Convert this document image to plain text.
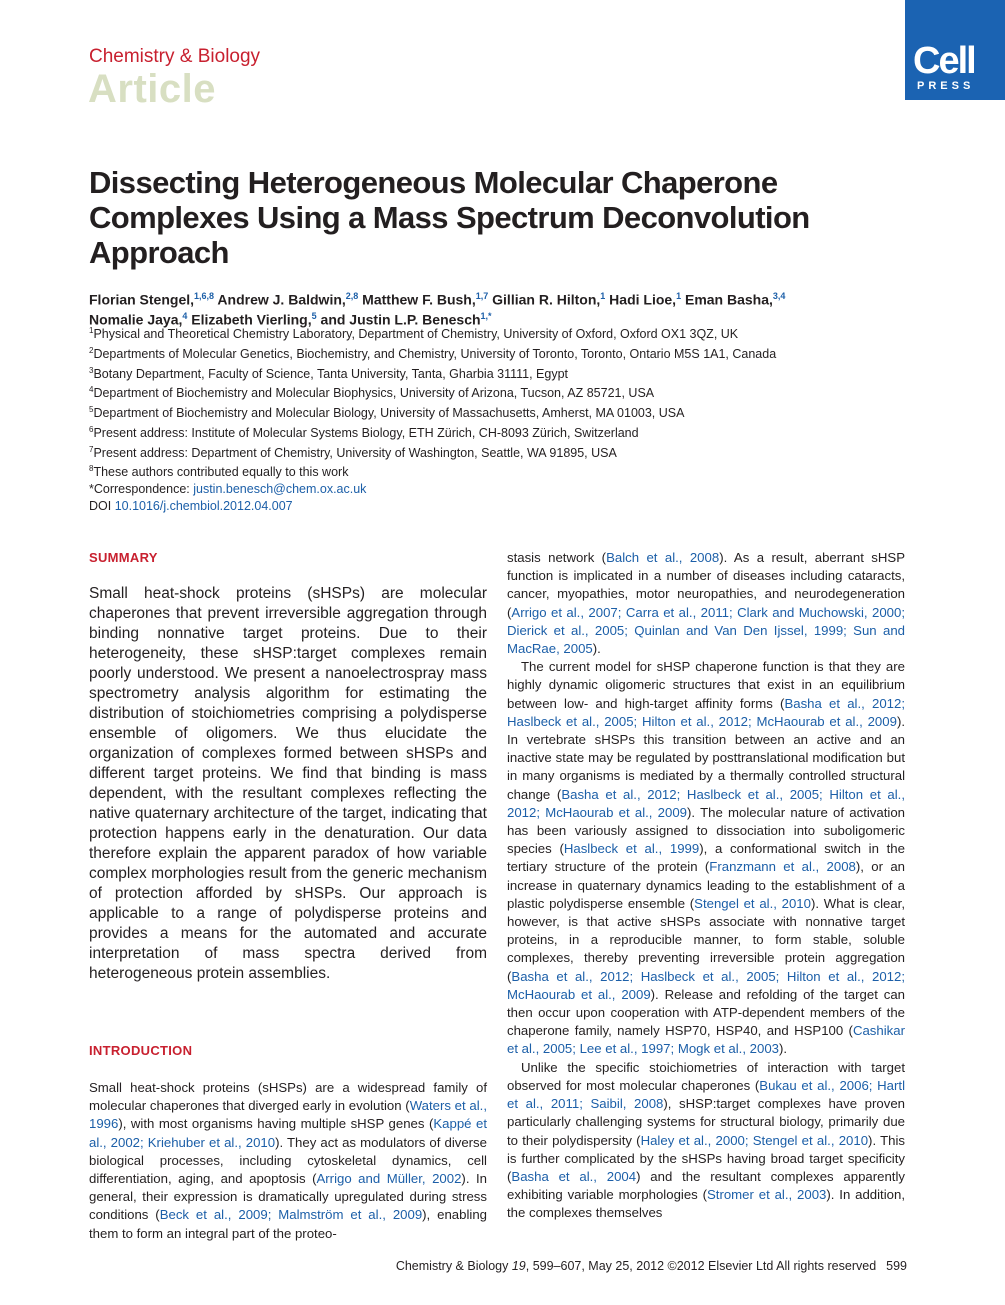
Chemistry & Biology
Article
Cell
PRESS
Dissecting Heterogeneous Molecular Chaperone Complexes Using a Mass Spectrum Deconvolution Approach
Florian Stengel,$^{1,6,8}$ Andrew J. Baldwin,$^{2,8}$ Matthew F. Bush,$^{1,7}$ Gillian R. Hilton,$^1$ Hadi Lioe,$^1$ Eman Basha,$^{3,4}$
Nomalie Jaya,$^4$ Elizabeth Vierling,$^5$ and Justin L.P. Benesch$^{1,*}$
$^1$Physical and Theoretical Chemistry Laboratory, Department of Chemistry, University of Oxford, Oxford OX1 3QZ, UK
$^2$Departments of Molecular Genetics, Biochemistry, and Chemistry, University of Toronto, Toronto, Ontario M5S 1A1, Canada
$^3$Botany Department, Faculty of Science, Tanta University, Tanta, Gharbia 31111, Egypt
$^4$Department of Biochemistry and Molecular Biophysics, University of Arizona, Tucson, AZ 85721, USA
$^5$Department of Biochemistry and Molecular Biology, University of Massachusetts, Amherst, MA 01003, USA
$^6$Present address: Institute of Molecular Systems Biology, ETH Zürich, CH-8093 Zürich, Switzerland
$^7$Present address: Department of Chemistry, University of Washington, Seattle, WA 91895, USA
$^8$These authors contributed equally to this work
*Correspondence: justin.benesch@chem.ox.ac.uk
DOI 10.1016/j.chembiol.2012.04.007
SUMMARY
Small heat-shock proteins (sHSPs) are molecular chaperones that prevent irreversible aggregation through binding nonnative target proteins. Due to their heterogeneity, these sHSP:target complexes remain poorly understood. We present a nanoelectrospray mass spectrometry analysis algorithm for estimating the distribution of stoichiometries comprising a polydisperse ensemble of oligomers. We thus elucidate the organization of complexes formed between sHSPs and different target proteins. We find that binding is mass dependent, with the resultant complexes reflecting the native quaternary architecture of the target, indicating that protection happens early in the denaturation. Our data therefore explain the apparent paradox of how variable complex morphologies result from the generic mechanism of protection afforded by sHSPs. Our approach is applicable to a range of polydisperse proteins and provides a means for the automated and accurate interpretation of mass spectra derived from heterogeneous protein assemblies.
INTRODUCTION

Small heat-shock proteins (sHSPs) are a widespread family of molecular chaperones that diverged early in evolution (Waters et al., 1996), with most organisms having multiple sHSP genes (Kappé et al., 2002; Kriehuber et al., 2010). They act as modulators of diverse biological processes, including cytoskeletal dynamics, cell differentiation, aging, and apoptosis (Arrigo and Müller, 2002). In general, their expression is dramatically upregulated during stress conditions (Beck et al., 2009; Malmström et al., 2009), enabling them to form an integral part of the proteo-

stasis network (Balch et al., 2008). As a result, aberrant sHSP function is implicated in a number of diseases including cataracts, cancer, myopathies, motor neuropathies, and neurodegeneration (Arrigo et al., 2007; Carra et al., 2011; Clark and Muchowski, 2000; Dierick et al., 2005; Quinlan and Van Den Ijssel, 1999; Sun and MacRae, 2005).

The current model for sHSP chaperone function is that they are highly dynamic oligomeric structures that exist in an equilibrium between low- and high-target affinity forms (Basha et al., 2012; Haslbeck et al., 2005; Hilton et al., 2012; McHaourab et al., 2009). In vertebrate sHSPs this transition between an active and an inactive state may be regulated by posttranslational modification but in many organisms is mediated by a thermally controlled structural change (Basha et al., 2012; Haslbeck et al., 2005; Hilton et al., 2012; McHaourab et al., 2009). The molecular nature of activation has been variously assigned to dissociation into suboligomeric species (Haslbeck et al., 1999), a conformational switch in the tertiary structure of the protein (Franzmann et al., 2008), or an increase in quaternary dynamics leading to the establishment of a plastic polydisperse ensemble (Stengel et al., 2010). What is clear, however, is that active sHSPs associate with nonnative target proteins, in a reproducible manner, to form stable, soluble complexes, thereby preventing irreversible protein aggregation (Basha et al., 2012; Haslbeck et al., 2005; Hilton et al., 2012; McHaourab et al., 2009). Release and refolding of the target can then occur upon cooperation with ATP-dependent members of the chaperone family, namely HSP70, HSP40, and HSP100 (Cashikar et al., 2005; Lee et al., 1997; Mogk et al., 2003).

Unlike the specific stoichiometries of interaction with target observed for most molecular chaperones (Bukau et al., 2006; Hartl et al., 2011; Saibil, 2008), sHSP:target complexes have proven particularly challenging systems for structural biology, primarily due to their polydispersity (Haley et al., 2000; Stengel et al., 2010). This is further complicated by the sHSPs having broad target specificity (Basha et al., 2004) and the resultant complexes apparently exhibiting variable morphologies (Stromer et al., 2003). In addition, the complexes themselves

Chemistry & Biology 19, 599–607, May 25, 2012 ©2012 Elsevier Ltd All rights reserved 599
